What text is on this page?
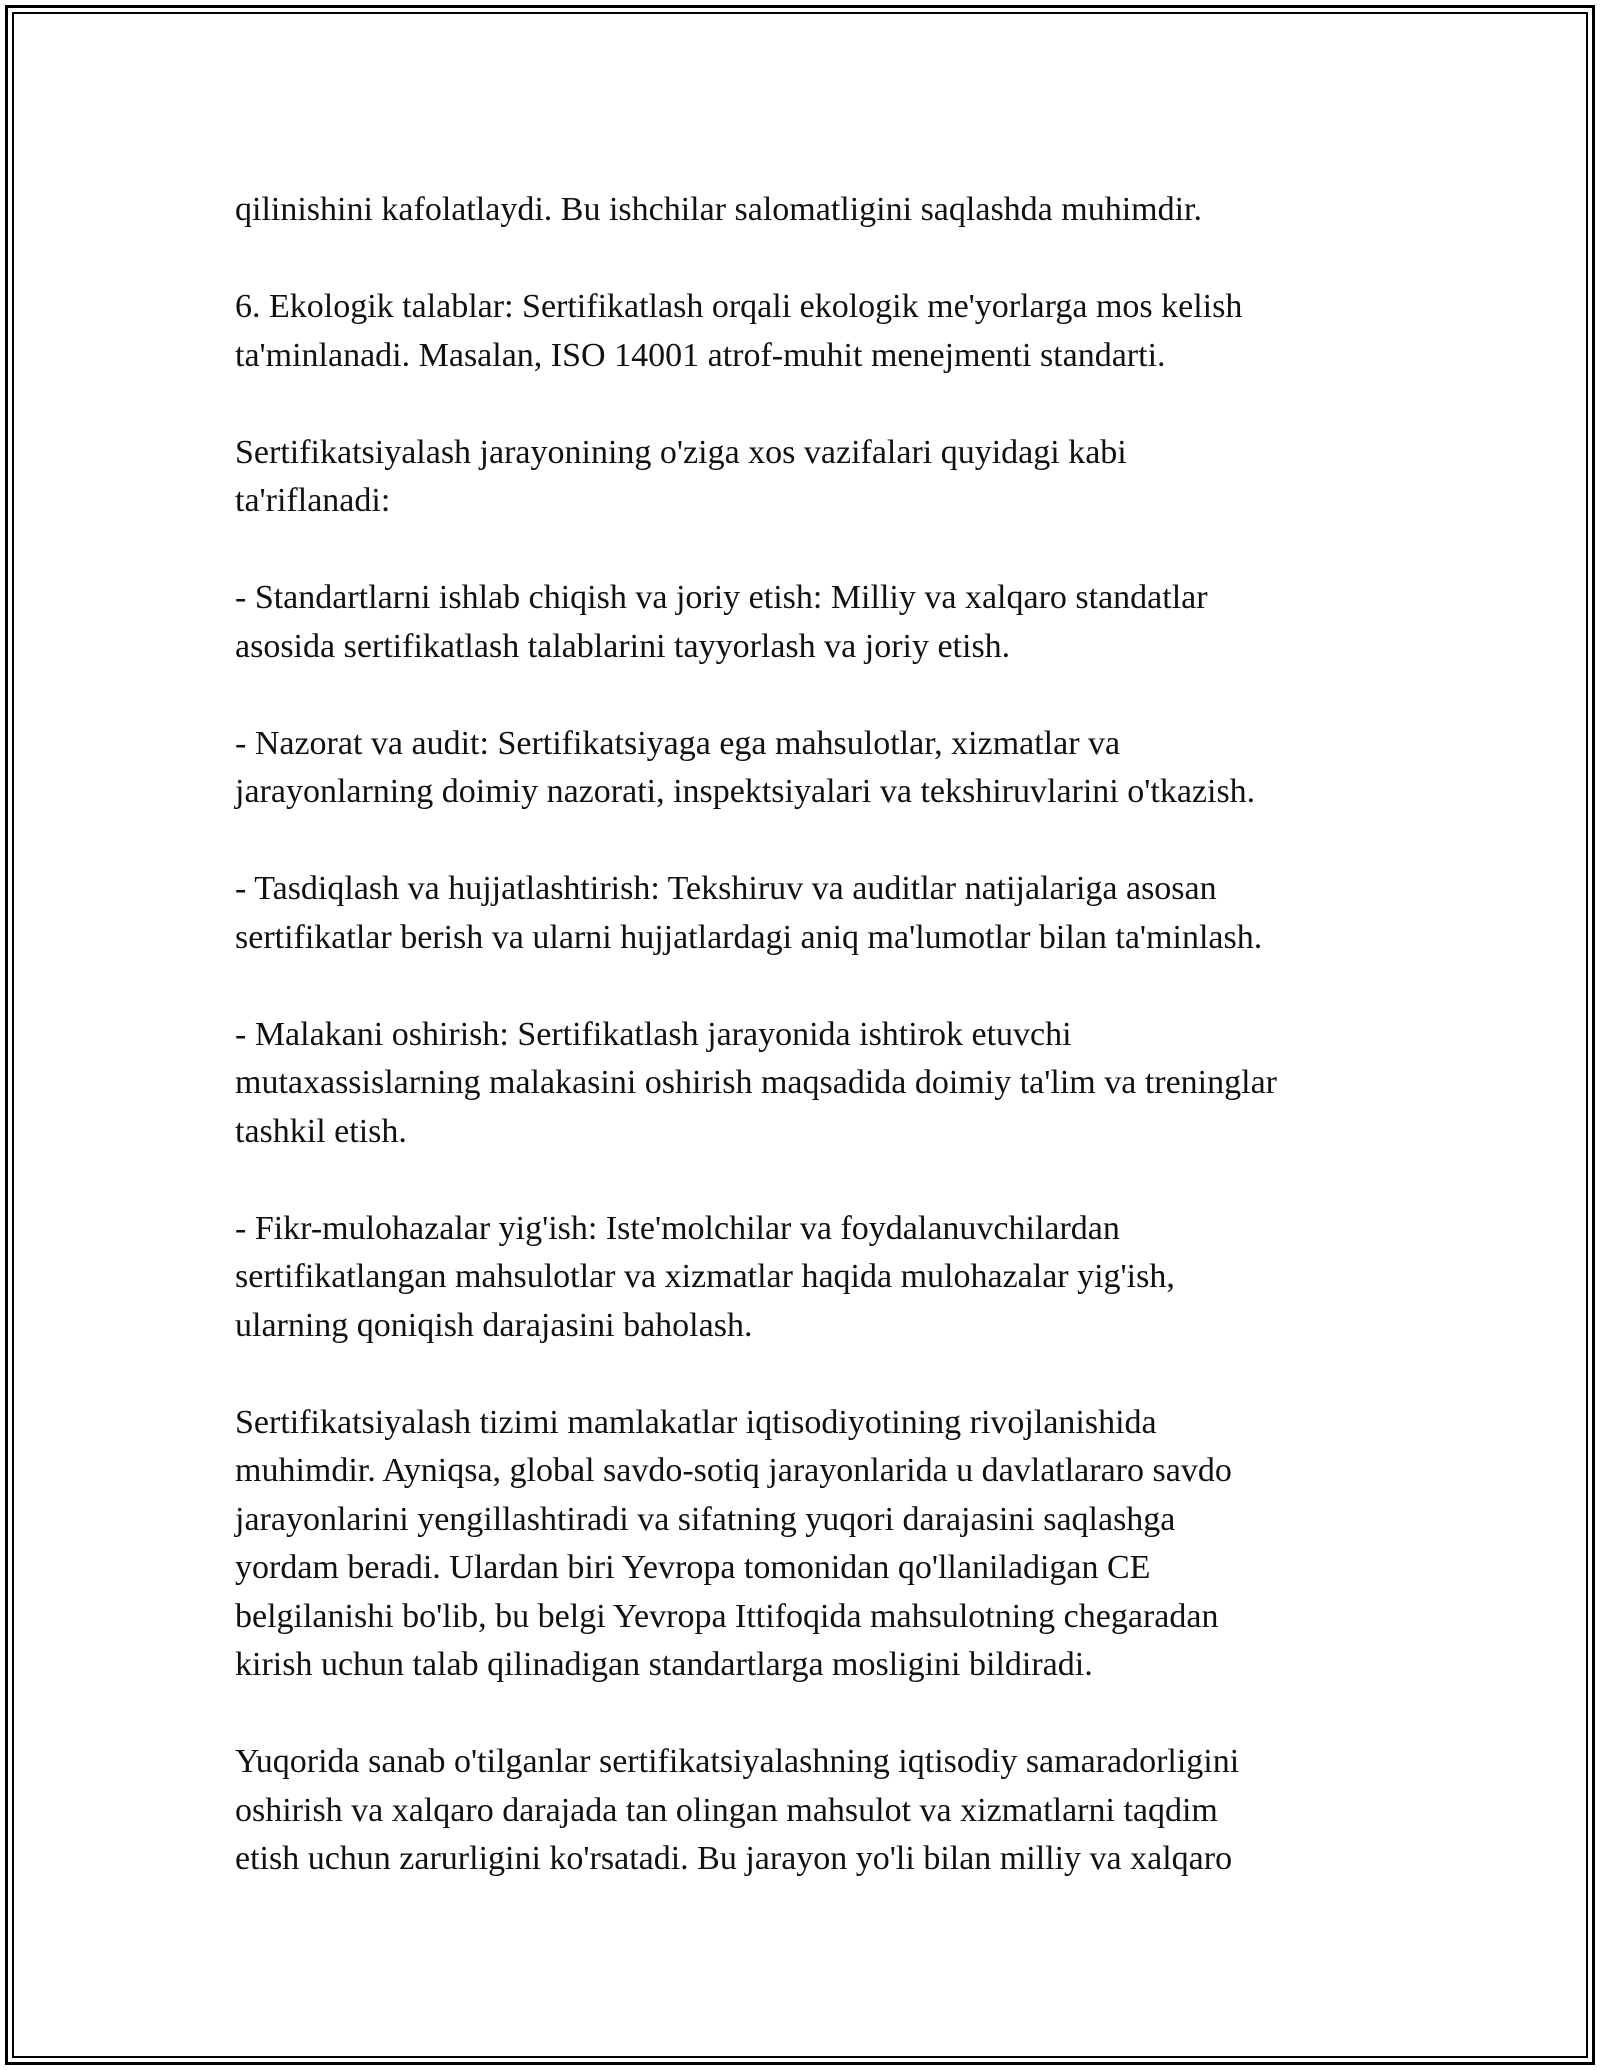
qilinishini kafolatlaydi. Bu ishchilar salomatligini saqlashda muhimdir.

6. Ekologik talablar: Sertifikatlash orqali ekologik me'yorlarga mos kelish
ta'minlanadi. Masalan, ISO 14001 atrof-muhit menejmenti standarti.

Sertifikatsiyalash jarayonining o'ziga xos vazifalari quyidagi kabi
ta'riflanadi:

- Standartlarni ishlab chiqish va joriy etish: Milliy va xalqaro standatlar
asosida sertifikatlash talablarini tayyorlash va joriy etish.

- Nazorat va audit: Sertifikatsiyaga ega mahsulotlar, xizmatlar va
jarayonlarning doimiy nazorati, inspektsiyalari va tekshiruvlarini o'tkazish.

- Tasdiqlash va hujjatlashtirish: Tekshiruv va auditlar natijalariga asosan
sertifikatlar berish va ularni hujjatlardagi aniq ma'lumotlar bilan ta'minlash.

- Malakani oshirish: Sertifikatlash jarayonida ishtirok etuvchi
mutaxassislarning malakasini oshirish maqsadida doimiy ta'lim va treninglar
tashkil etish.

- Fikr-mulohazalar yig'ish: Iste'molchilar va foydalanuvchilardan
sertifikatlangan mahsulotlar va xizmatlar haqida mulohazalar yig'ish,
ularning qoniqish darajasini baholash.

Sertifikatsiyalash tizimi mamlakatlar iqtisodiyotining rivojlanishida
muhimdir. Ayniqsa, global savdo-sotiq jarayonlarida u davlatlararo savdo
jarayonlarini yengillashtiradi va sifatning yuqori darajasini saqlashga
yordam beradi. Ulardan biri Yevropa tomonidan qo'llaniladigan CE
belgilanishi bo'lib, bu belgi Yevropa Ittifoqida mahsulotning chegaradan
kirish uchun talab qilinadigan standartlarga mosligini bildiradi.

Yuqorida sanab o'tilganlar sertifikatsiyalashning iqtisodiy samaradorligini
oshirish va xalqaro darajada tan olingan mahsulot va xizmatlarni taqdim
etish uchun zarurligini ko'rsatadi. Bu jarayon yo'li bilan milliy va xalqaro
